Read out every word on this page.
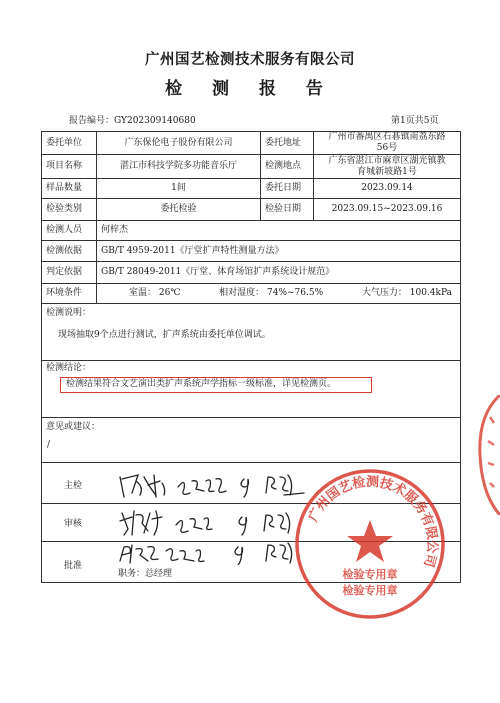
广州国艺检测技术服务有限公司
检 测 报 告
报告编号：GY202309140680	第1页共5页
委托单位	广东保伦电子股份有限公司	委托地址	广州市番禺区石碁镇南荔东路
56号

项目名称	湛江市科技学院多功能音乐厅	检测地点	广东省湛江市麻章区湖光镇教
育城新坡路1号

样品数量	1间	委托日期	2023.09.14
检验类别	委托检验	检验日期	2023.09.15~2023.09.16
检测人员	何梓杰		
检测依据	GB/T 4959-2011《厅堂扩声特性测量方法》		
判定依据	GB/T 28049-2011《厅堂、体育场馆扩声系统设计规范》		
环境条件	室温： 26℃ 相对湿度： 74%~76.5% 大气压力： 100.4kPa		

检测说明：
现场抽取9个点进行测试，扩声系统由委托单位调试。			

检测结论：
检测结果符合文艺演出类扩声系统声学指标一级标准，详见检测页。			

意见或建议：
/			

主检
审核
批准
职务：总经理			
广州国艺检测技术服务有限公司
检验专用章
检验专用章
